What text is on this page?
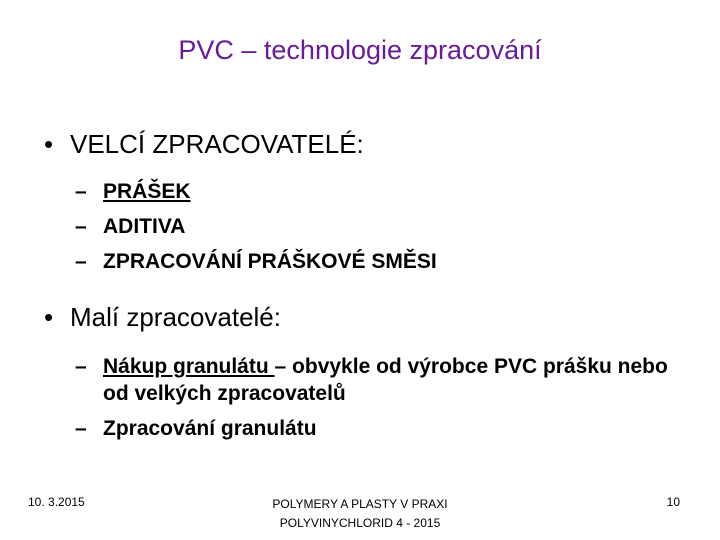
PVC – technologie zpracování
• VELCÍ ZPRACOVATELÉ:
– PRÁŠEK
– ADITIVA
– ZPRACOVÁNÍ PRÁŠKOVÉ SMĚSI
• Malí zpracovatelé:
– Nákup granulátu – obvykle od výrobce PVC prášku nebo od velkých zpracovatelů
– Zpracování granulátu
10. 3.2015	POLYMERY A PLASTY V PRAXI
POLYVINYCHLORID 4 - 2015
10
